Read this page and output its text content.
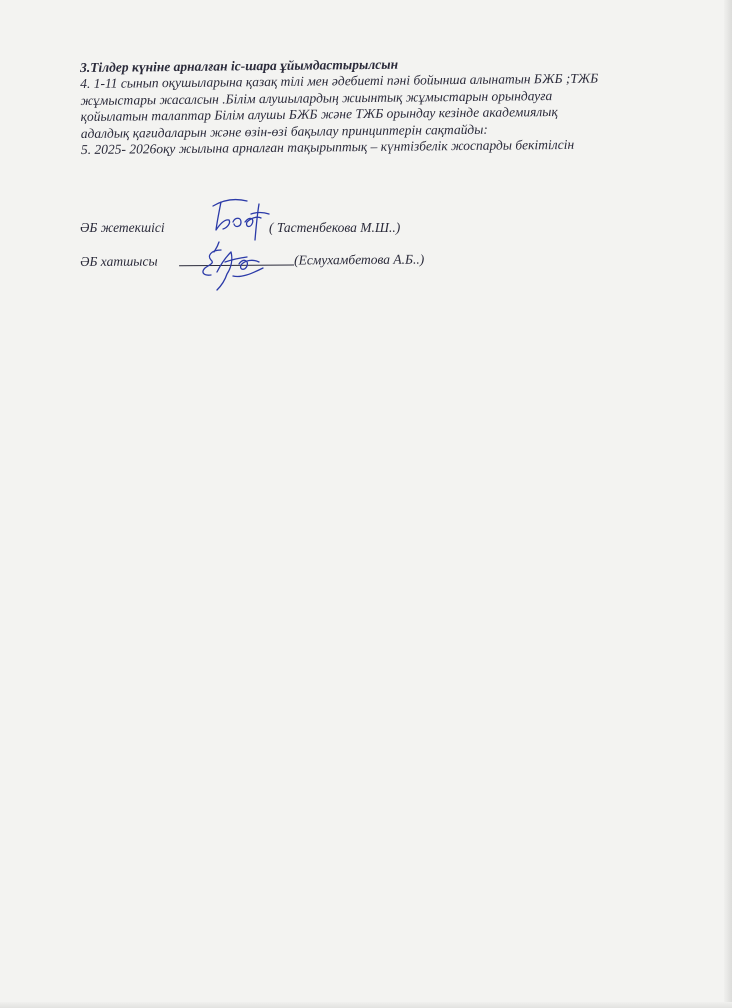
3.Тілдер күніне арналған іс-шара ұйымдастырылсын

4. 1-11 сынып оқушыларына қазақ тілі мен әдебиеті пәні бойынша алынатын БЖБ ;ТЖБ

жұмыстары жасалсын .Білім алушылардың жиынтық жұмыстарын орындауға

қойылатын талаптар Білім алушы БЖБ және ТЖБ орындау кезінде академиялық

адалдық қағидаларын және өзін-өзі бақылау принциптерін сақтайды:

5. 2025- 2026оқу жылына арналған тақырыптық – күнтізбелік жоспарды бекітілсін

ӘБ жетекшісі	( Тастенбекова М.Ш..)
ӘБ хатшысы	(Есмухамбетова А.Б..)
